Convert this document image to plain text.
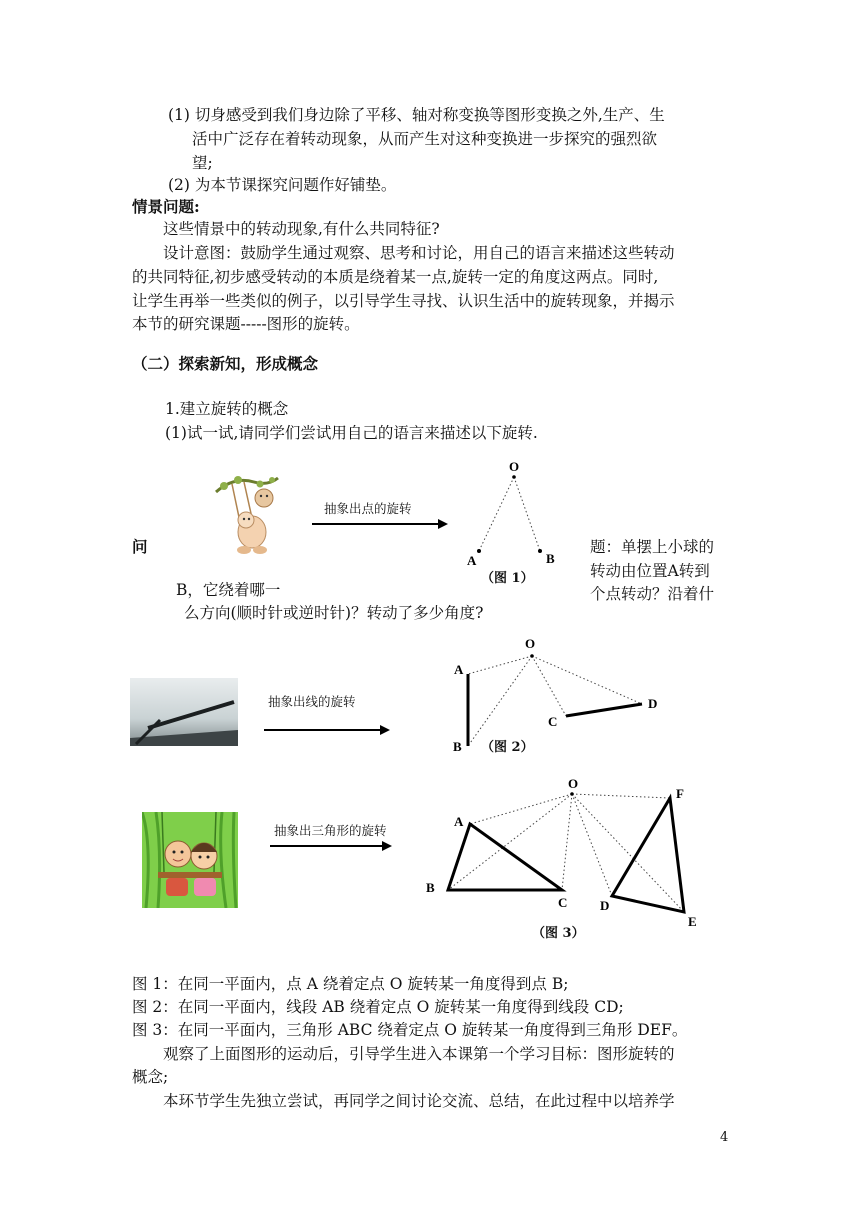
(1) 切身感受到我们身边除了平移、轴对称变换等图形变换之外,生产、生
活中广泛存在着转动现象，从而产生对这种变换进一步探究的强烈欲
望;
(2) 为本节课探究问题作好铺垫。
情景问题:
这些情景中的转动现象,有什么共同特征?
设计意图：鼓励学生通过观察、思考和讨论，用自己的语言来描述这些转动
的共同特征,初步感受转动的本质是绕着某一点,旋转一定的角度这两点。同时,
让学生再举一些类似的例子，以引导学生寻找、认识生活中的旋转现象，并揭示
本节的研究课题-----图形的旋转。
（二）探索新知，形成概念
1.建立旋转的概念
(1)试一试,请同学们尝试用自己的语言来描述以下旋转.
抽象出点的旋转
O
A	B
（图 1）
问	题：单摆上小球的
转动由位置A转到
个点转动？沿着什
B，它绕着哪一
么方向(顺时针或逆时针)？转动了多少角度?
抽象出线的旋转
O
A
B
C
D
（图 2）
抽象出三角形的旋转
O
A
B
C	D
E
F
（图 3）
图 1：在同一平面内，点 A 绕着定点 O 旋转某一角度得到点 B;
图 2：在同一平面内，线段 AB 绕着定点 O 旋转某一角度得到线段 CD;
图 3：在同一平面内，三角形 ABC 绕着定点 O 旋转某一角度得到三角形 DEF。
观察了上面图形的运动后，引导学生进入本课第一个学习目标：图形旋转的
概念;
本环节学生先独立尝试，再同学之间讨论交流、总结，在此过程中以培养学
4
